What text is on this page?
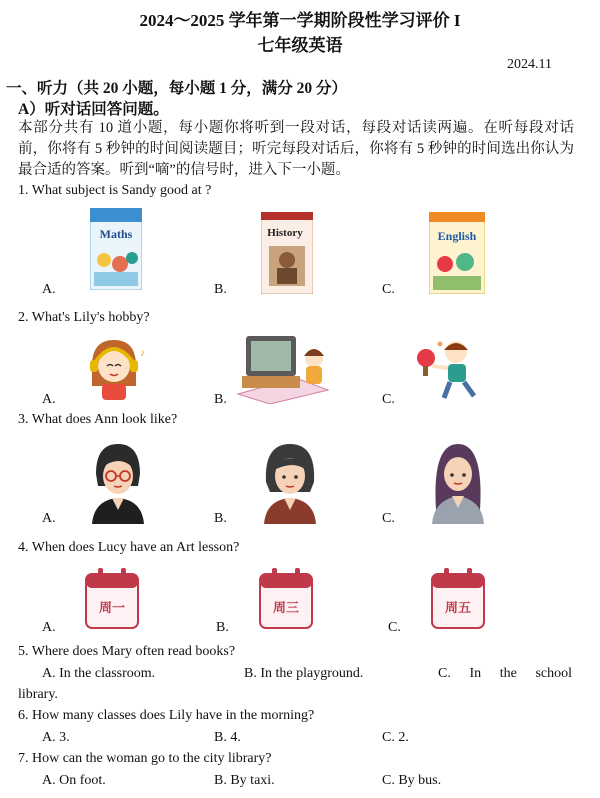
2024～2025 学年第一学期阶段性学习评价 I
七年级英语
2024.11
一、听力（共 20 小题，每小题 1 分，满分 20 分）
A）听对话回答问题。
本部分共有 10 道小题，每小题你将听到一段对话，每段对话读两遍。在听每段对话前，你将有 5 秒钟的时间阅读题目；听完每段对话后，你将有 5 秒钟的时间选出你认为最合适的答案。听到“嘀”的信号时，进入下一小题。
1. What subject is Sandy good at ?
A.	B.	C.
Maths	History	English
2. What's Lily's hobby?
A.	B.	C.
♪
3. What does Ann look like?
A.	B.	C.
4. When does Lucy have an Art lesson?
A.	B.	C.
周一	周三	周五
5. Where does Mary often read books?
A. In the classroom.	B. In the playground.	C. In the school
library.
6. How many classes does Lily have in the morning?
A. 3.	B. 4.	C. 2.
7. How can the woman go to the city library?
A. On foot.	B. By taxi.	C. By bus.
